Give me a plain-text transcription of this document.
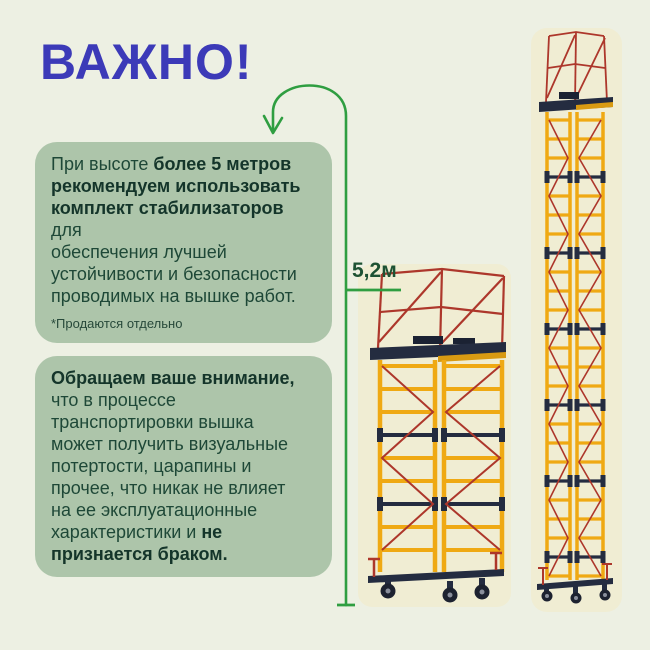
ВАЖНО!
5,2м
При высоте более 5 метров
рекомендуем использовать
комплект стабилизаторов для
обеспечения лучшей
устойчивости и безопасности
проводимых на вышке работ.
*Продаются отдельно
Обращаем ваше внимание,
что в процессе
транспортировки вышка
может получить визуальные
потертости, царапины и
прочее, что никак не влияет
на ее эксплуатационные
характеристики и не
признается браком.
